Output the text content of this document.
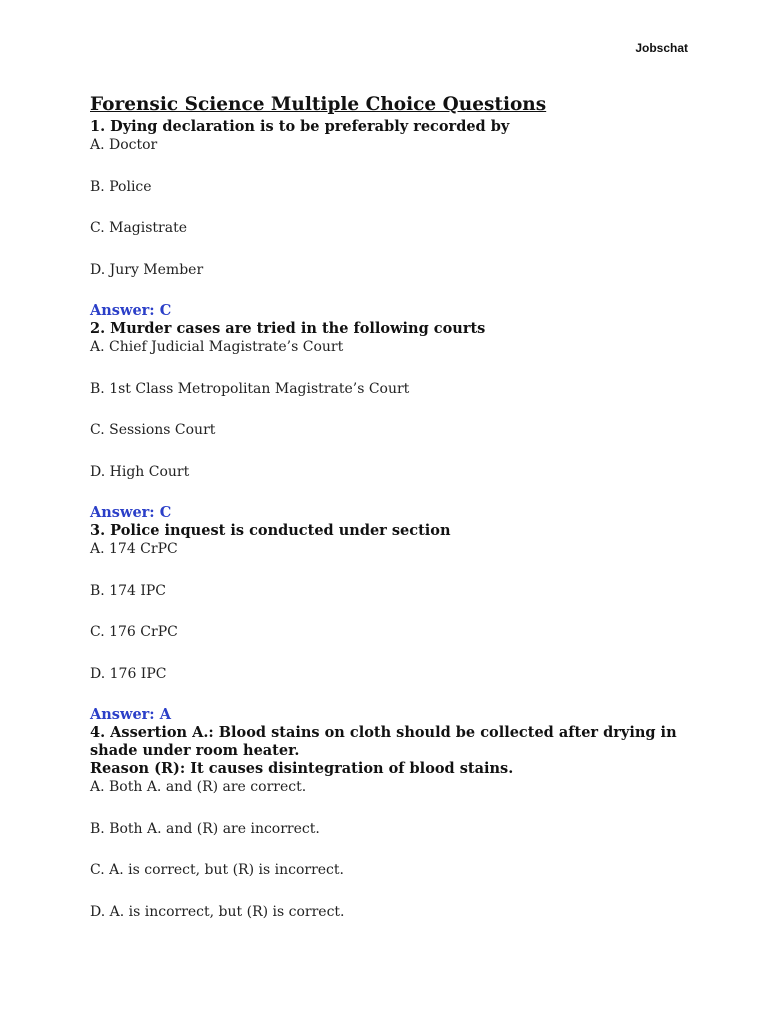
Jobschat
Forensic Science Multiple Choice Questions
1. Dying declaration is to be preferably recorded by
A. Doctor
B. Police
C. Magistrate
D. Jury Member
Answer: C
2. Murder cases are tried in the following courts
A. Chief Judicial Magistrate’s Court
B. 1st Class Metropolitan Magistrate’s Court
C. Sessions Court
D. High Court
Answer: C
3. Police inquest is conducted under section
A. 174 CrPC
B. 174 IPC
C. 176 CrPC
D. 176 IPC
Answer: A
4. Assertion A.: Blood stains on cloth should be collected after drying in
shade under room heater.
Reason (R): It causes disintegration of blood stains.
A. Both A. and (R) are correct.
B. Both A. and (R) are incorrect.
C. A. is correct, but (R) is incorrect.
D. A. is incorrect, but (R) is correct.
